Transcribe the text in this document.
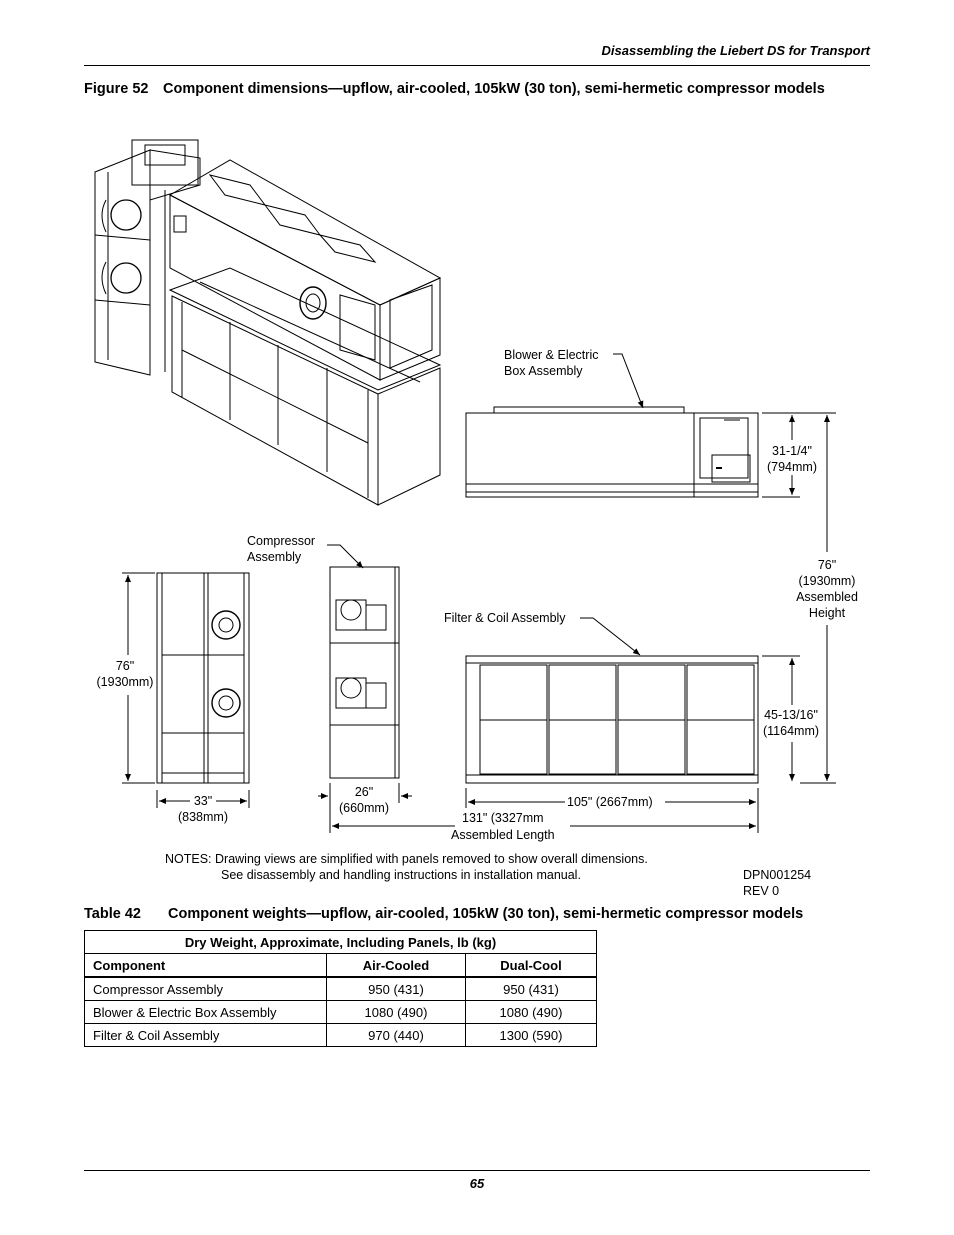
Disassembling the Liebert DS for Transport
Figure 52 Component dimensions—upflow, air-cooled, 105kW (30 ton), semi-hermetic compressor models
Blower & Electric
Box Assembly
31-1/4"
(794mm)
76"
(1930mm)
Assembled
Height
Compressor
Assembly
76"
(1930mm)
Filter & Coil Assembly
45-13/16"
(1164mm)
33"
(838mm)
26"
(660mm)	105" (2667mm)
131" (3327mm
Assembled Length
NOTES: Drawing views are simplified with panels removed to show overall dimensions.
See disassembly and handling instructions in installation manual.	DPN001254
REV 0
Table 42 Component weights—upflow, air-cooled, 105kW (30 ton), semi-hermetic compressor models
Dry Weight, Approximate, Including Panels, lb (kg)		
Component	Air-Cooled	Dual-Cool
Compressor Assembly	950 (431)	950 (431)
Blower & Electric Box Assembly	1080 (490)	1080 (490)
Filter & Coil Assembly	970 (440)	1300 (590)
65
